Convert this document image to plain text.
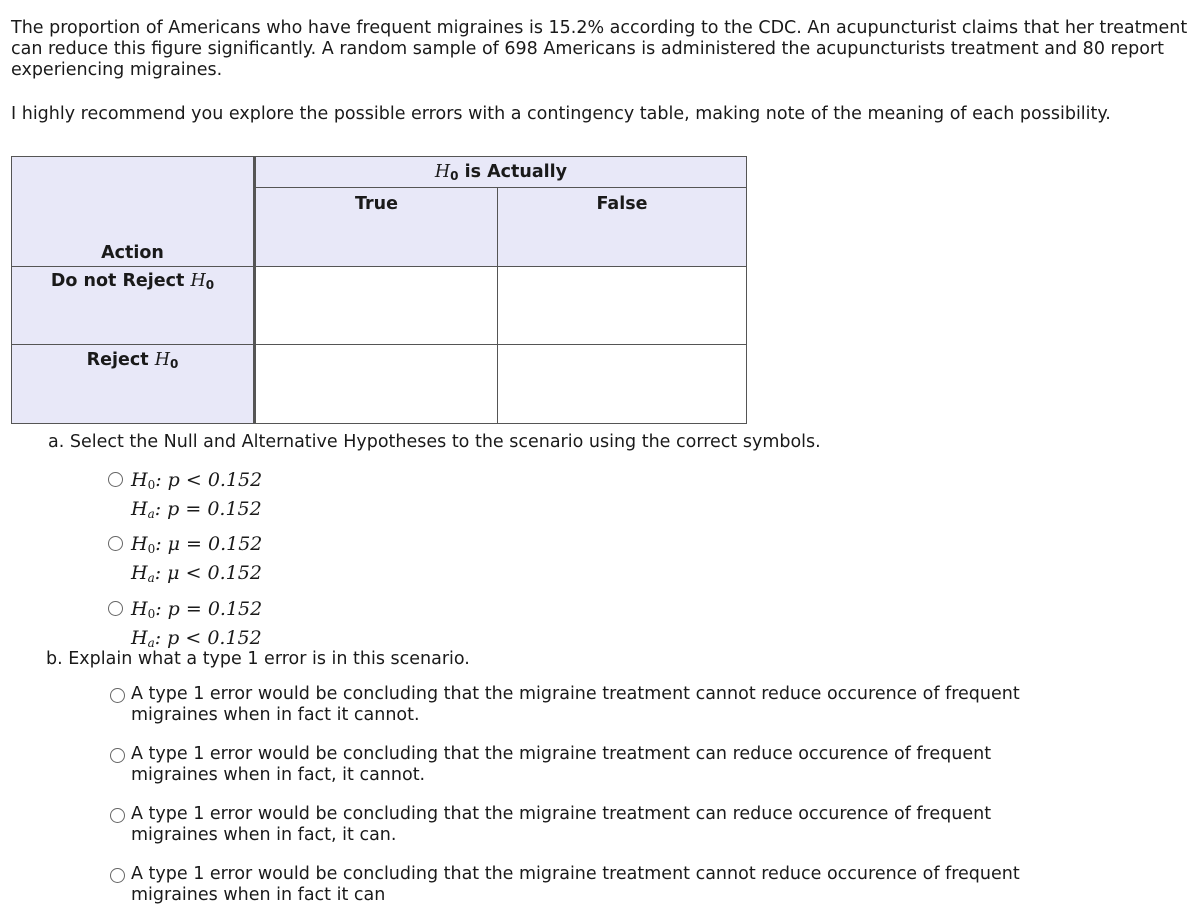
The proportion of Americans who have frequent migraines is 15.2% according to the CDC. An acupuncturist claims that her treatment can reduce this figure significantly. A random sample of 698 Americans is administered the acupuncturists treatment and 80 report experiencing migraines.

I highly recommend you explore the possible errors with a contingency table, making note of the meaning of each possibility.

Action	$H_0$ is Actually	
	True	False

Do not Reject $H_0$		
Reject $H_0$		

a. Select the Null and Alternative Hypotheses to the scenario using the correct symbols.

$H_0$: p < 0.152
$H_a$: p = 0.152
$H_0$: μ = 0.152
$H_a$: μ < 0.152
$H_0$: p = 0.152
$H_a$: p < 0.152

b. Explain what a type 1 error is in this scenario.

A type 1 error would be concluding that the migraine treatment cannot reduce occurence of frequent migraines when in fact it cannot.
A type 1 error would be concluding that the migraine treatment can reduce occurence of frequent migraines when in fact, it cannot.
A type 1 error would be concluding that the migraine treatment can reduce occurence of frequent migraines when in fact, it can.
A type 1 error would be concluding that the migraine treatment cannot reduce occurence of frequent migraines when in fact it can
